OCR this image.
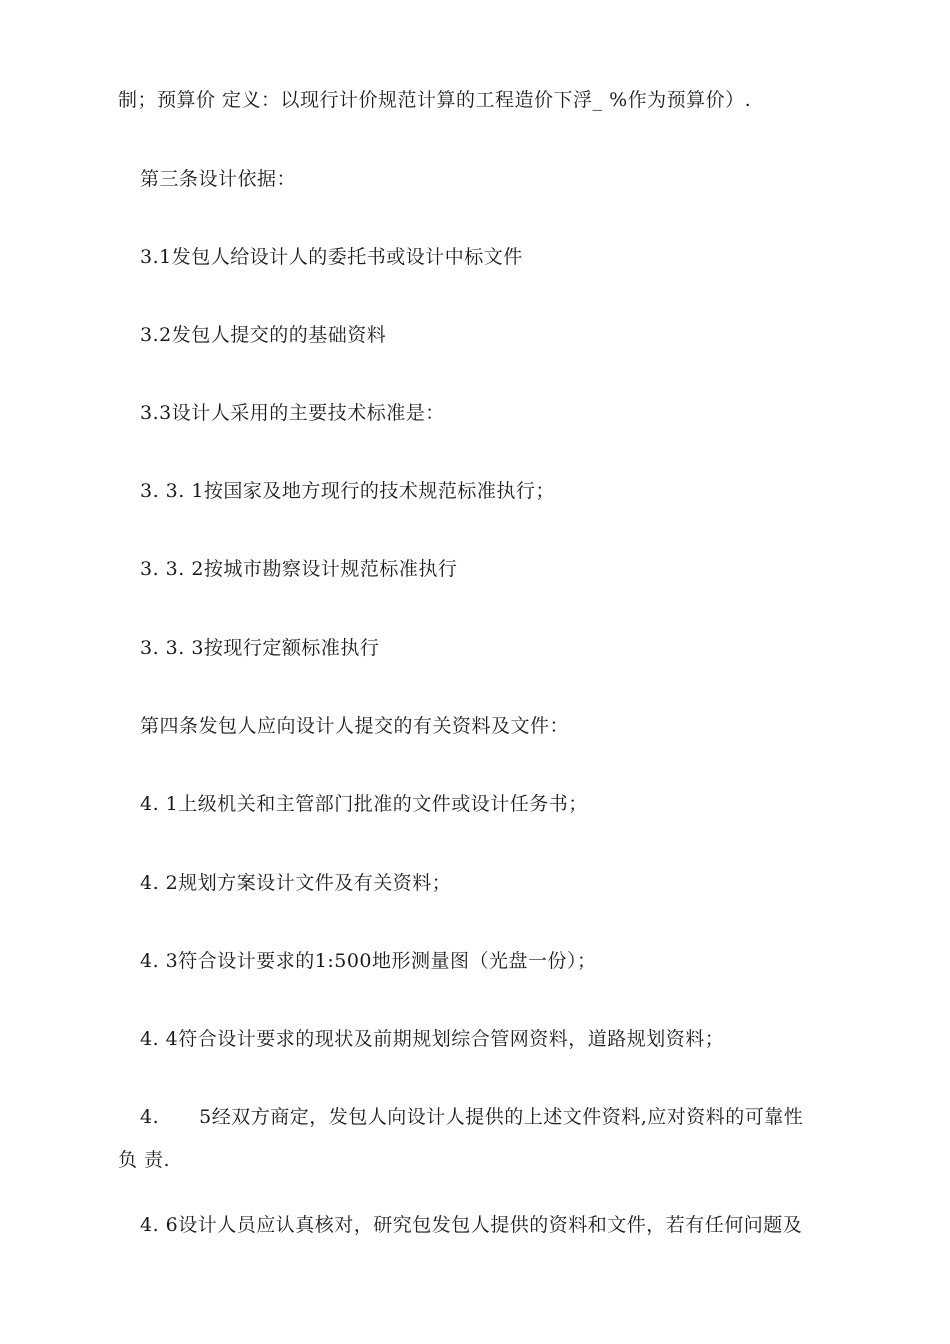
制；预算价 定义：以现行计价规范计算的工程造价下浮_ %作为预算价）.
第三条设计依据：
3.1发包人给设计人的委托书或设计中标文件
3.2发包人提交的的基础资料
3.3设计人采用的主要技术标准是：
3. 3. 1按国家及地方现行的技术规范标准执行；
3. 3. 2按城市勘察设计规范标准执行
3. 3. 3按现行定额标准执行
第四条发包人应向设计人提交的有关资料及文件：
4. 1上级机关和主管部门批准的文件或设计任务书；
4. 2规划方案设计文件及有关资料；
4. 3符合设计要求的1:500地形测量图（光盘一份）；
4. 4符合设计要求的现状及前期规划综合管网资料，道路规划资料；
4. 5经双方商定，发包人向设计人提供的上述文件资料,应对资料的可靠性
负 责.
4. 6设计人员应认真核对，研究包发包人提供的资料和文件，若有任何问题及
